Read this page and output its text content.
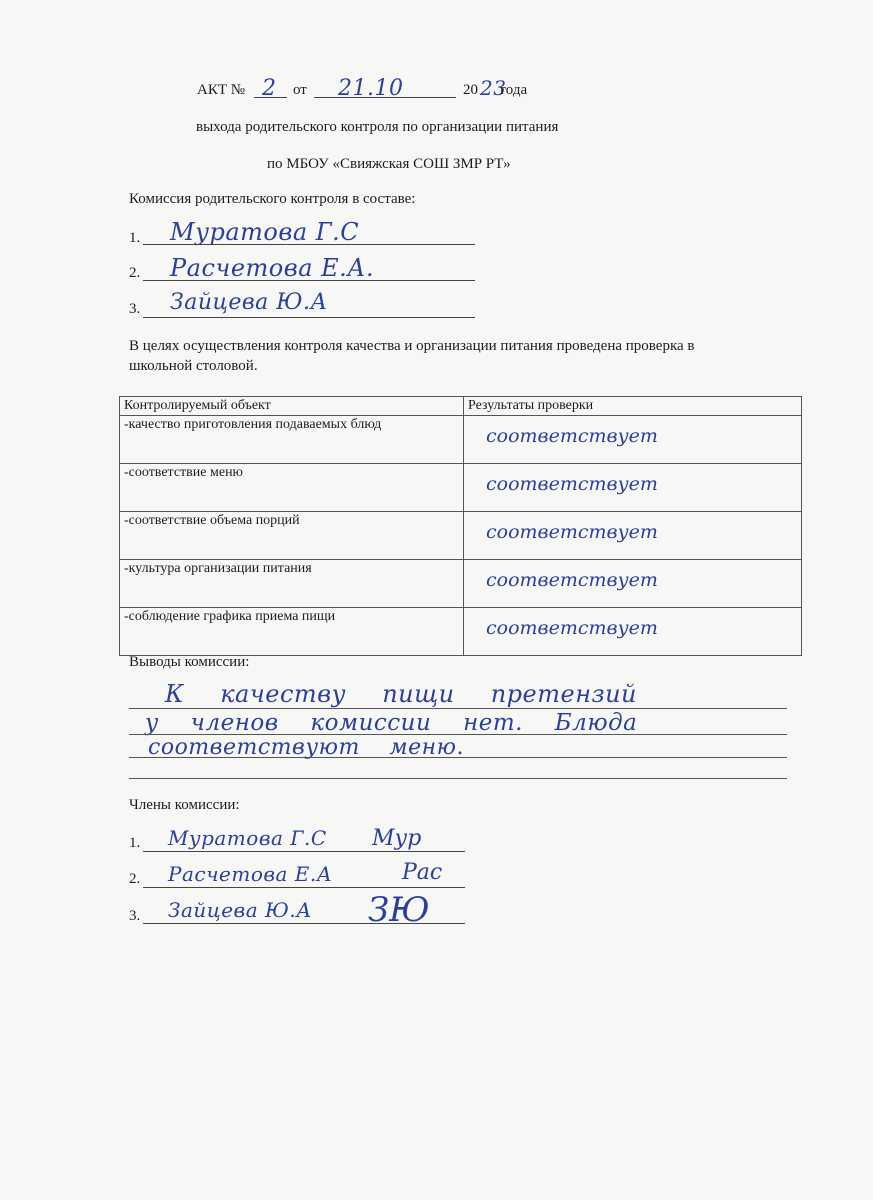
АКТ № 2 от 21.10	20 23
года
выхода родительского контроля по организации питания
по МБОУ «Свияжская СОШ ЗМР РТ»
Комиссия родительского контроля в составе:
1. Муратова Г.С
2. Расчетова Е.А.
3. Зайцева Ю.А
В целях осуществления контроля качества и организации питания проведена проверка в
школьной столовой.
Контролируемый объект	Результаты проверки
-качество приготовления подаваемых блюд	соответствует
-соответствие меню	соответствует
-соответствие объема порций	соответствует
-культура организации питания	соответствует
-соблюдение графика приема пищи	соответствует
Выводы комиссии:
К качеству пищи претензий
у членов комиссии нет. Блюда
соответствуют меню.
Члены комиссии:
1. Муратова Г.С Мур
2. Расчетова Е.А	Рас
3. Зайцева Ю.А ЗЮ
